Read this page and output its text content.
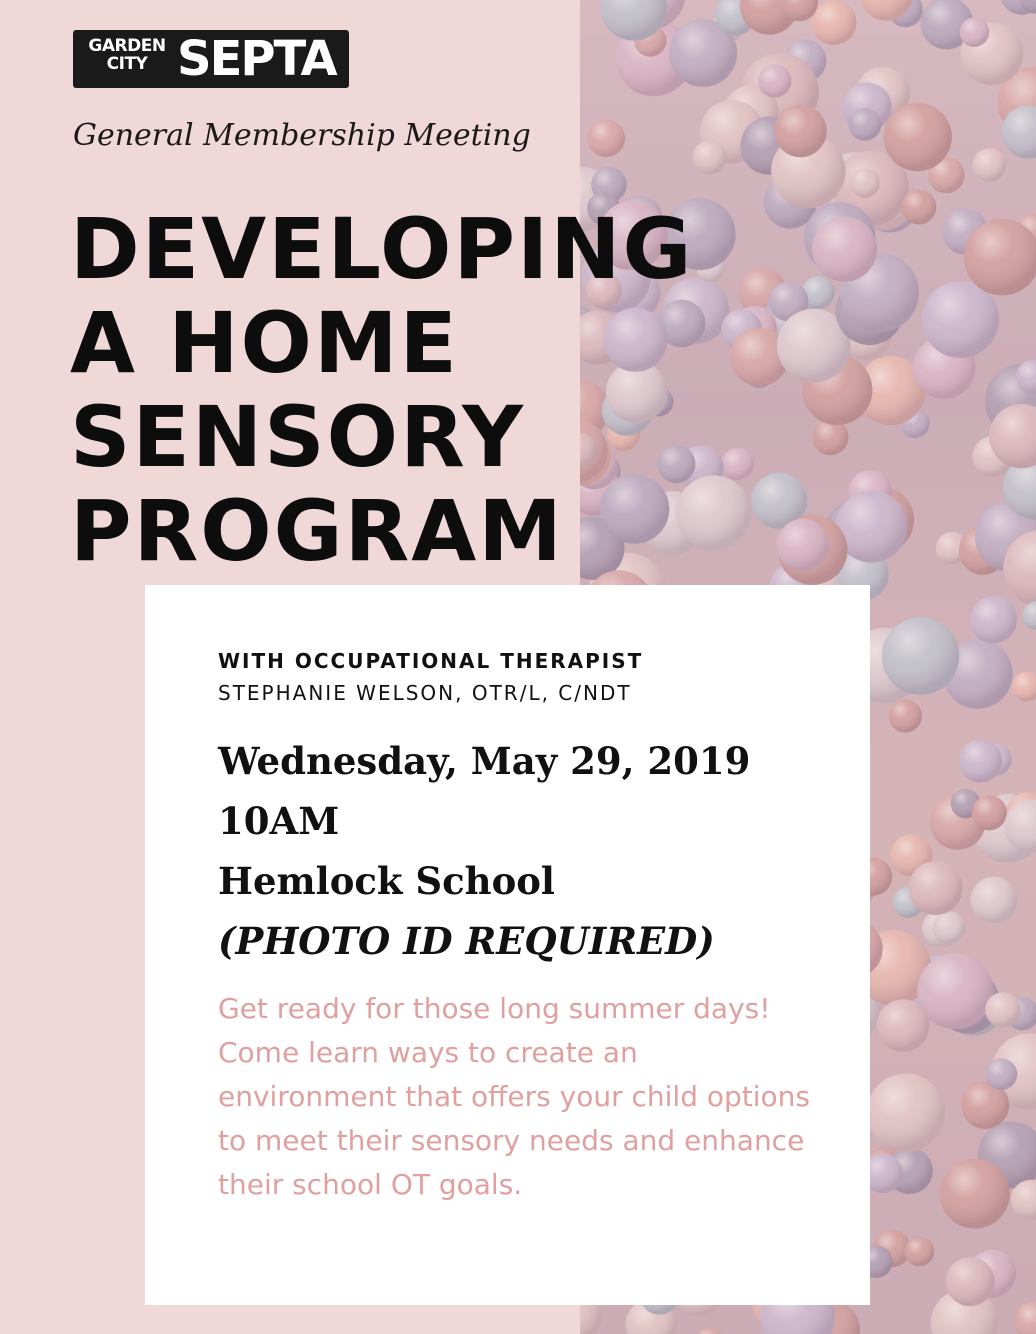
GARDEN
CITY SEPTA
General Membership Meeting
DEVELOPING
A HOME
SENSORY
PROGRAM
WITH OCCUPATIONAL THERAPIST
STEPHANIE WELSON, OTR/L, C/NDT
Wednesday, May 29, 2019
10AM
Hemlock School
(PHOTO ID REQUIRED)

Get ready for those long summer days! Come learn ways to create an environment that offers your child options to meet their sensory needs and enhance their school OT goals.
